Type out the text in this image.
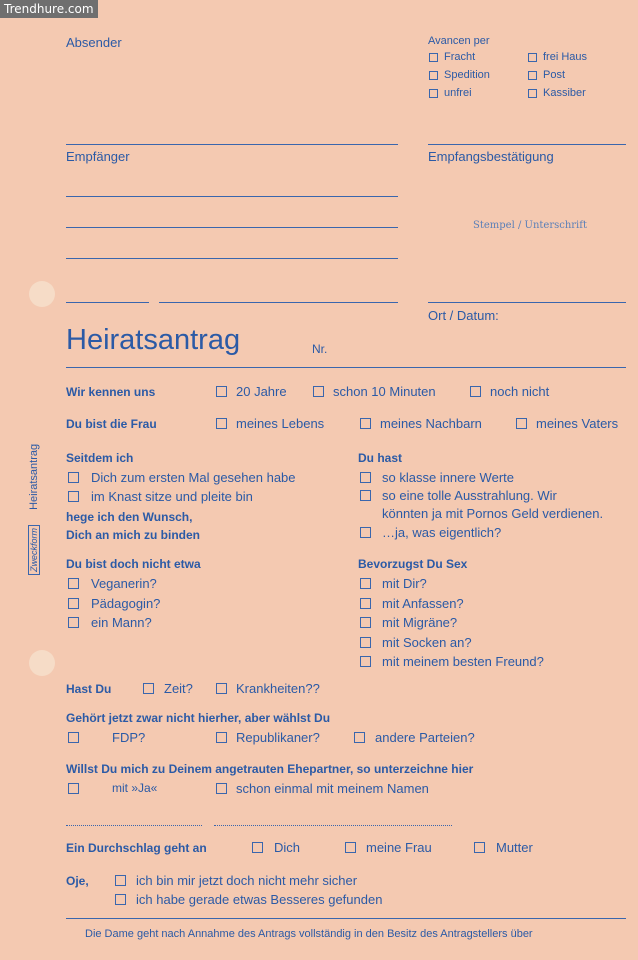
Trendhure.com
Zweckform Heiratsantrag
Absender
Empfänger
Avancen per
Fracht
Spedition
unfrei
frei Haus
Post
Kassiber
Empfangsbestätigung
Stempel / Unterschrift
Ort / Datum:
Heiratsantrag	Nr.
Wir kennen uns	20 Jahre	schon 10 Minuten	noch nicht
Du bist die Frau	meines Lebens	meines Nachbarn	meines Vaters
Seitdem ich
Dich zum ersten Mal gesehen habe
im Knast sitze und pleite bin
hege ich den Wunsch,
Dich an mich zu binden
Du hast
so klasse innere Werte
so eine tolle Ausstrahlung. Wir
könnten ja mit Pornos Geld verdienen.
…ja, was eigentlich?
Du bist doch nicht etwa
Veganerin?
Pädagogin?
ein Mann?
Bevorzugst Du Sex
mit Dir?
mit Anfassen?
mit Migräne?
mit Socken an?
mit meinem besten Freund?
Hast Du	Zeit?	Krankheiten??
Gehört jetzt zwar nicht hierher, aber wählst Du
FDP?	Republikaner?	andere Parteien?
Willst Du mich zu Deinem angetrauten Ehepartner, so unterzeichne hier
mit »Ja«	schon einmal mit meinem Namen
Ein Durchschlag geht an	Dich	meine Frau	Mutter
Oje,	ich bin mir jetzt doch nicht mehr sicher
ich habe gerade etwas Besseres gefunden
Die Dame geht nach Annahme des Antrags vollständig in den Besitz des Antragstellers über
